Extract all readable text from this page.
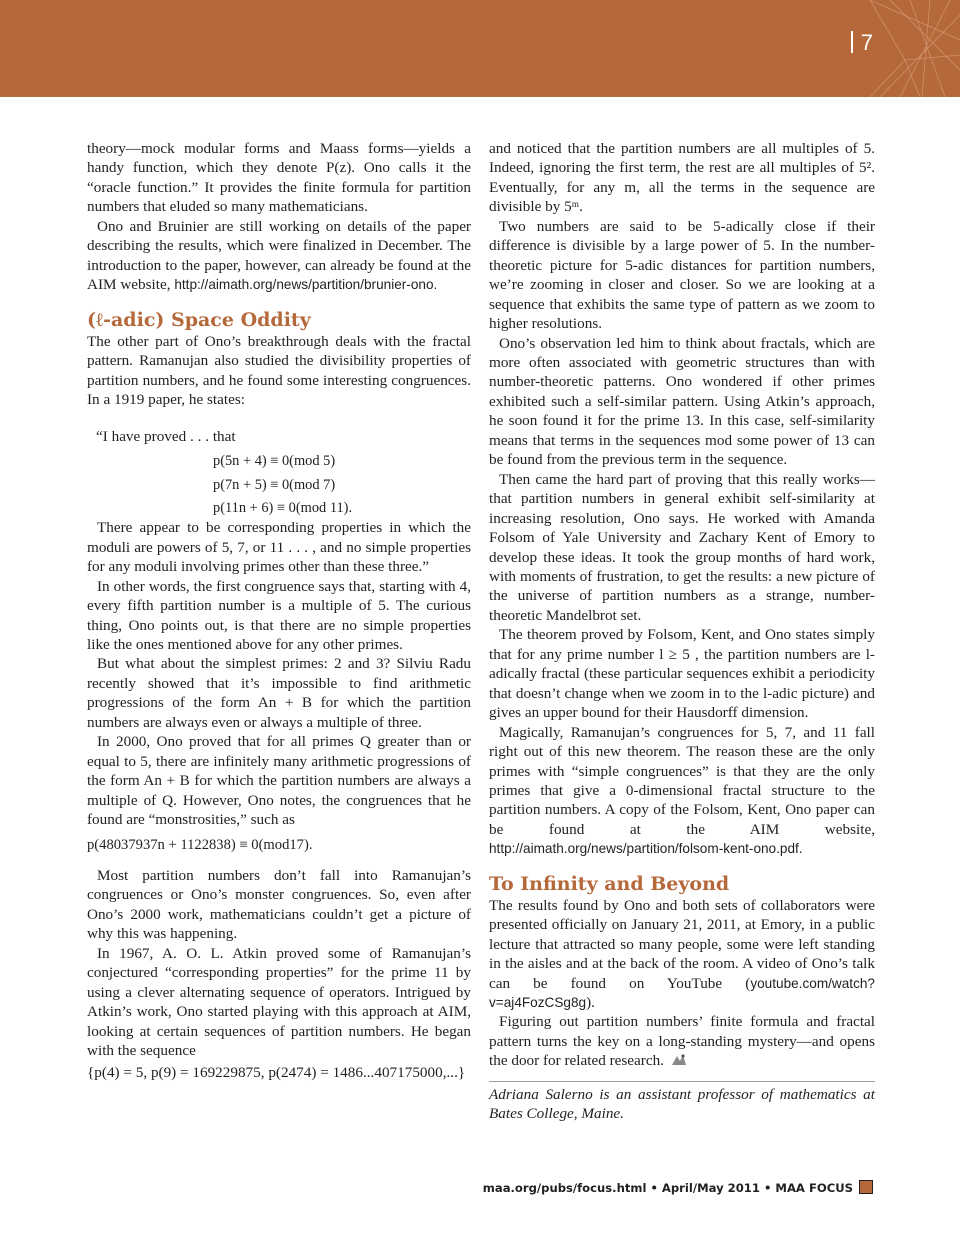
7

theory—mock modular forms and Maass forms—yields a handy function, which they denote P(z). Ono calls it the “oracle function.” It provides the finite formula for partition numbers that eluded so many mathematicians.

Ono and Bruinier are still working on details of the paper describing the results, which were finalized in December. The introduction to the paper, however, can already be found at the AIM website, http://aimath.org/news/partition/brunier-ono.

(ℓ-adic) Space Oddity

The other part of Ono’s breakthrough deals with the fractal pattern. Ramanujan also studied the divisibility properties of partition numbers, and he found some interesting congruences. In a 1919 paper, he states:

“I have proved . . . that

p(5n + 4) ≡ 0(mod 5)

p(7n + 5) ≡ 0(mod 7)

p(11n + 6) ≡ 0(mod 11).

There appear to be corresponding properties in which the moduli are powers of 5, 7, or 11 . . . , and no simple properties for any moduli involving primes other than these three.”

In other words, the first congruence says that, starting with 4, every fifth partition number is a multiple of 5. The curious thing, Ono points out, is that there are no simple properties like the ones mentioned above for any other primes.

But what about the simplest primes: 2 and 3? Silviu Radu recently showed that it’s impossible to find arithmetic progressions of the form An + B for which the partition numbers are always even or always a multiple of three.

In 2000, Ono proved that for all primes Q greater than or equal to 5, there are infinitely many arithmetic progressions of the form An + B for which the partition numbers are always a multiple of Q. However, Ono notes, the congruences that he found are “monstrosities,” such as

p(48037937n + 1122838) ≡ 0(mod17).

Most partition numbers don’t fall into Ramanujan’s congruences or Ono’s monster congruences. So, even after Ono’s 2000 work, mathematicians couldn’t get a picture of why this was happening.

In 1967, A. O. L. Atkin proved some of Ramanujan’s conjectured “corresponding properties” for the prime 11 by using a clever alternating sequence of operators. Intrigued by Atkin’s work, Ono started playing with this approach at AIM, looking at certain sequences of partition numbers. He began with the sequence

{p(4) = 5, p(9) = 169229875, p(2474) = 1486...407175000,...}

and noticed that the partition numbers are all multiples of 5. Indeed, ignoring the first term, the rest are all multiples of 5². Eventually, for any m, all the terms in the sequence are divisible by 5ᵐ.

Two numbers are said to be 5-adically close if their difference is divisible by a large power of 5. In the number-theoretic picture for 5-adic distances for partition numbers, we’re zooming in closer and closer. So we are looking at a sequence that exhibits the same type of pattern as we zoom to higher resolutions.

Ono’s observation led him to think about fractals, which are more often associated with geometric structures than with number-theoretic patterns. Ono wondered if other primes exhibited such a self-similar pattern. Using Atkin’s approach, he soon found it for the prime 13. In this case, self-similarity means that terms in the sequences mod some power of 13 can be found from the previous term in the sequence.

Then came the hard part of proving that this really works—that partition numbers in general exhibit self-similarity at increasing resolution, Ono says. He worked with Amanda Folsom of Yale University and Zachary Kent of Emory to develop these ideas. It took the group months of hard work, with moments of frustration, to get the results: a new picture of the universe of partition numbers as a strange, number-theoretic Mandelbrot set.

The theorem proved by Folsom, Kent, and Ono states simply that for any prime number l ≥ 5 , the partition numbers are l-adically fractal (these particular sequences exhibit a periodicity that doesn’t change when we zoom in to the l-adic picture) and gives an upper bound for their Hausdorff dimension.

Magically, Ramanujan’s congruences for 5, 7, and 11 fall right out of this new theorem. The reason these are the only primes with “simple congruences” is that they are the only primes that give a 0-dimensional fractal structure to the partition numbers. A copy of the Folsom, Kent, Ono paper can be found at the AIM website, http://aimath.org/news/partition/folsom-kent-ono.pdf.

To Infinity and Beyond

The results found by Ono and both sets of collaborators were presented officially on January 21, 2011, at Emory, in a public lecture that attracted so many people, some were left standing in the aisles and at the back of the room. A video of Ono’s talk can be found on YouTube (youtube.com/watch?v=aj4FozCSg8g).

Figuring out partition numbers’ finite formula and fractal pattern turns the key on a long-standing mystery—and opens the door for related research.

Adriana Salerno is an assistant professor of mathematics at Bates College, Maine.

maa.org/pubs/focus.html • April/May 2011 • MAA FOCUS
